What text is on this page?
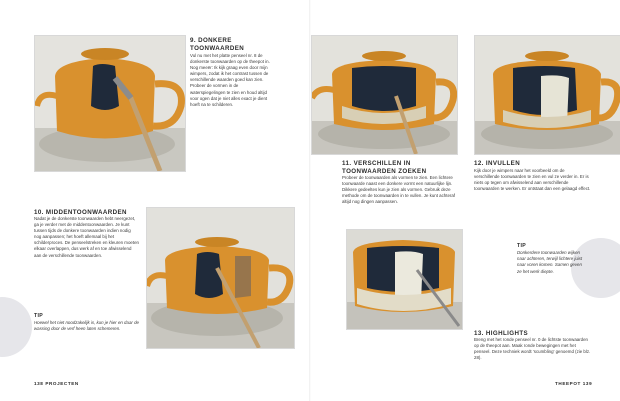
9. DONKERE TOONWAARDEN

Vul nu met het platte penseel nr. 8 de donkerste toonwaarden op de theepot in. Nog meeër: Ik kijk graag even door mijn wimpers, zodat ik het contrast tussen de verschillende waarden goed kan zien. Probeer de vormen in de waterspiegelingen te zien en houd altijd voor ogen dat je niet alles exact je dient hoeft na te schilderen.

10. MIDDENTOONWAARDEN

Nadat je de donkerste toonwaarden hebt neergezet, ga je verder met de middentoonwaarden. Je kunt tussen tijds de donkere toonwaarden indien nodig nog aanpassen; het hoeft allemaal bij het schilderproces. De penseelstreken en kleuren moeten elkaar overlappen, dus werk af en toe afwisselend aan de verschillende toonwaarden.

TIP

Hoewel het niet noodzakelijk is, kun je hier en daar de wassing door de verf heen laten schemeren.

138 PROJECTEN
11. VERSCHILLEN IN TOONWAARDEN ZOEKEN

Probeer de toonwaarden als vormen te zien. Een lichtere toonwaarde naast een donkere vormt een natuurlijke lijn. Dikkere gedeeltes kun je zien als vormen. Gebruik deze methode om de toonwaarden in te vullen. Je kunt achteraf altijd nog dingen aanpassen.

12. INVULLEN

Kijk door je wimpers naar het voorbeeld om de verschillende toonwaarden te zien en vul ze verder in. Er is niets op tegen om afwisselend aan verschillende toonwaarden te werken. Er ontstaat dan een gelaagd effect.

TIP

Donkerdere toonwaarden wijken naar achteren, terwijl lichtere juist naar voren komen. Samen geven ze het werk diepte.

13. HIGHLIGHTS

Breng met het ronde penseel nr. 0 de lichtste toonwaarden op de theepot aan. Maak ronde bewegingen met het penseel. Deze techniek wordt ‘scumbling’ genoemd (zie blz. 28).

THEEPOT 139
